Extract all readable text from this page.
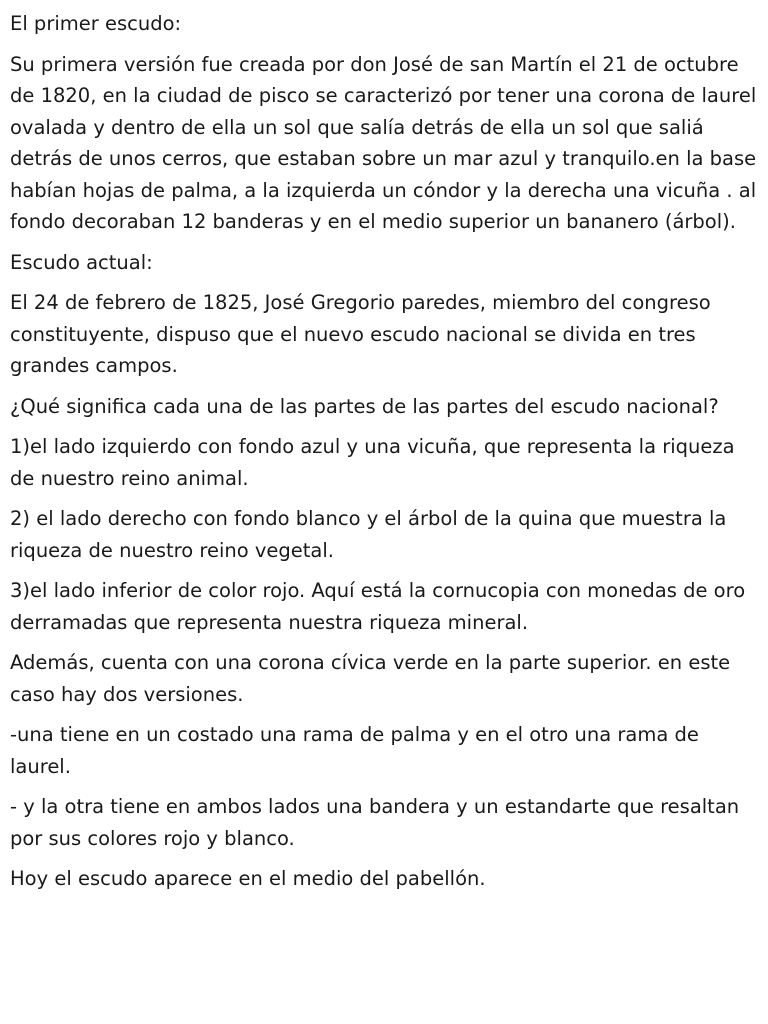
El primer escudo:

Su primera versión fue creada por don José de san Martín el 21 de octubre de 1820, en la ciudad de pisco se caracterizó por tener una corona de laurel ovalada y dentro de ella un sol que salía detrás de ella un sol que saliá detrás de unos cerros, que estaban sobre un mar azul y tranquilo.en la base habían hojas de palma, a la izquierda un cóndor y la derecha una vicuña . al fondo decoraban 12 banderas y en el medio superior un bananero (árbol).

Escudo actual:

El 24 de febrero de 1825, José Gregorio paredes, miembro del congreso constituyente, dispuso que el nuevo escudo nacional se divida en tres grandes campos.

¿Qué significa cada una de las partes de las partes del escudo nacional?

1)el lado izquierdo con fondo azul y una vicuña, que representa la riqueza de nuestro reino animal.

2) el lado derecho con fondo blanco y el árbol de la quina que muestra la riqueza de nuestro reino vegetal.

3)el lado inferior de color rojo. Aquí está la cornucopia con monedas de oro derramadas que representa nuestra riqueza mineral.

Además, cuenta con una corona cívica verde en la parte superior. en este caso hay dos versiones.

-una tiene en un costado una rama de palma y en el otro una rama de laurel.

- y la otra tiene en ambos lados una bandera y un estandarte que resaltan por sus colores rojo y blanco.

Hoy el escudo aparece en el medio del pabellón.
